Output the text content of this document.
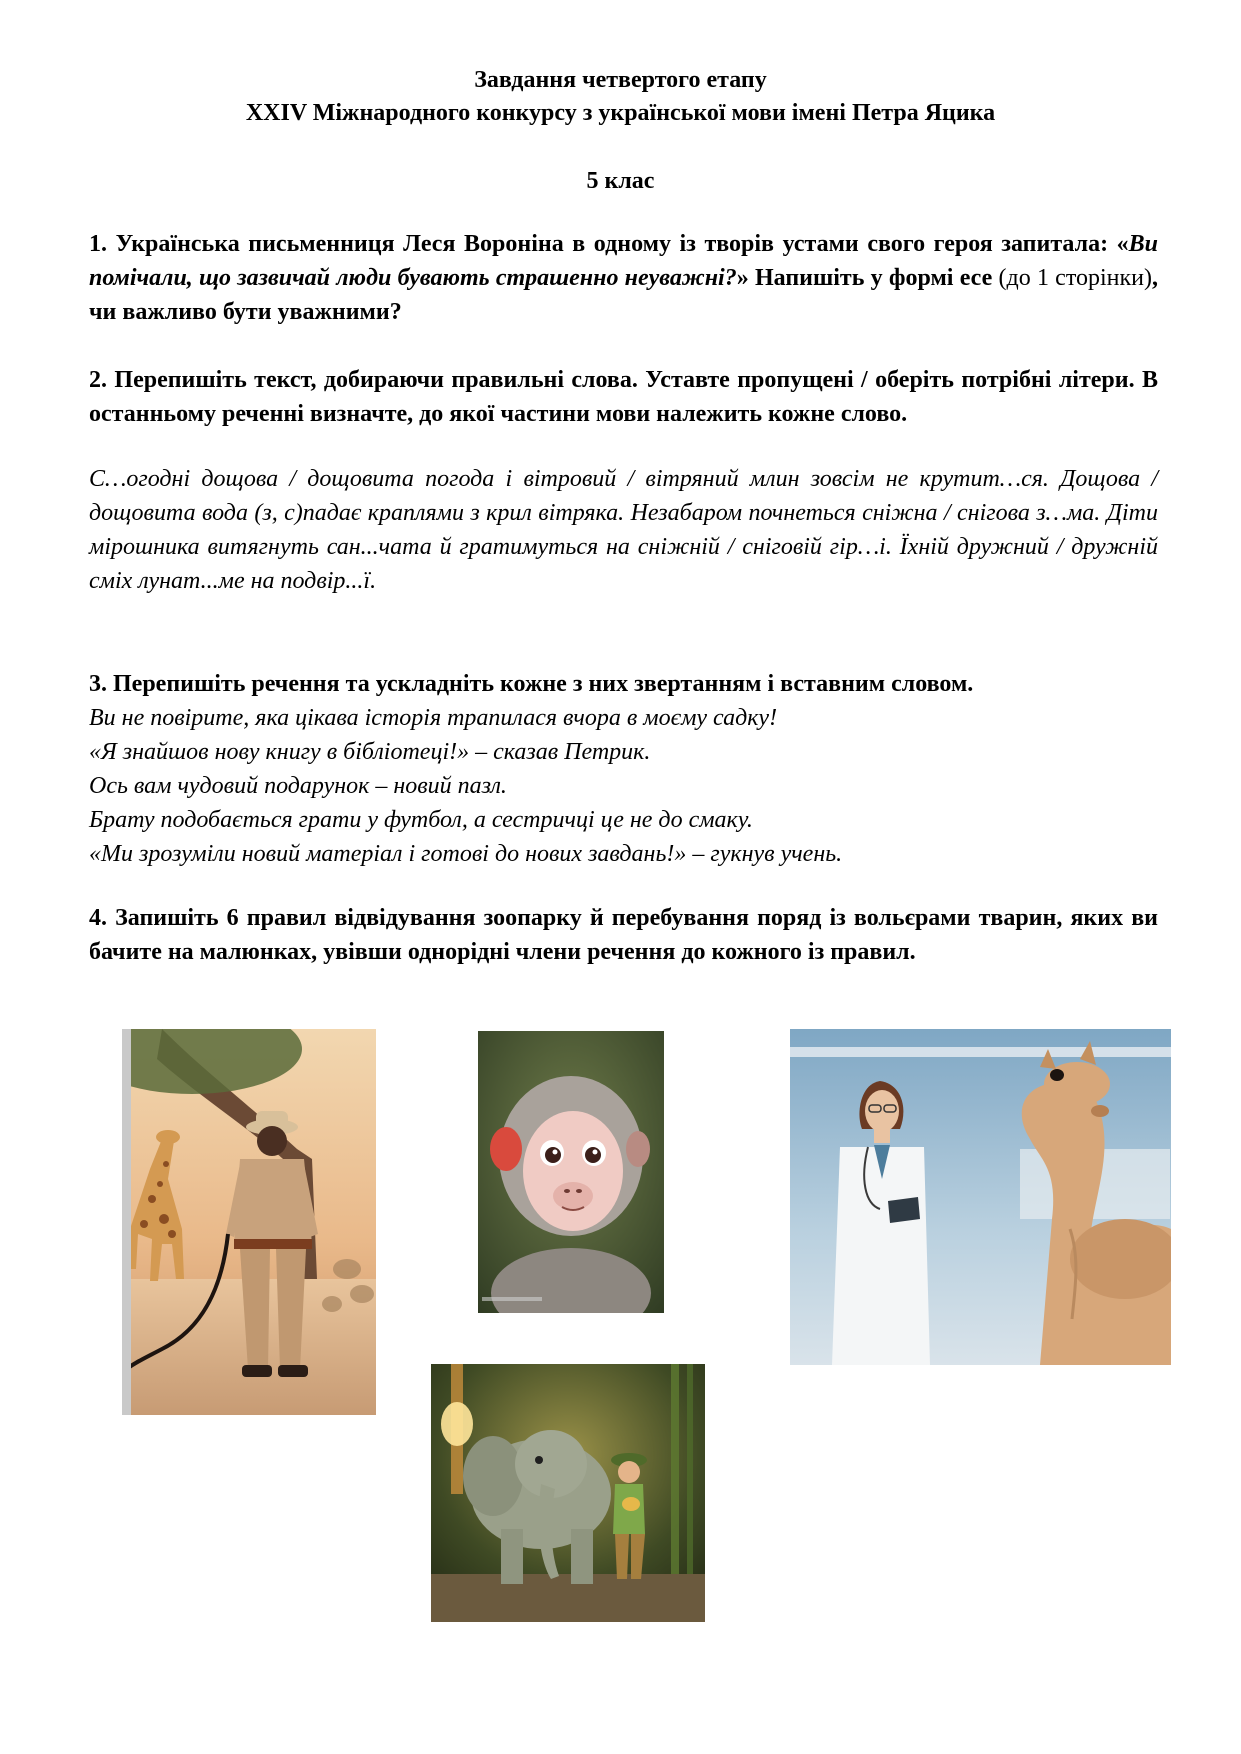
Завдання четвертого етапу
XXIV Міжнародного конкурсу з української мови імені Петра Яцика
5 клас
1. Українська письменниця Леся Вороніна в одному із творів устами свого героя запитала: «Ви помічали, що зазвичай люди бувають страшенно неуважні?» Напишіть у формі есе (до 1 сторінки), чи важливо бути уважними?
2. Перепишіть текст, добираючи правильні слова. Уставте пропущені / оберіть потрібні літери. В останньому реченні визначте, до якої частини мови належить кожне слово.
С…огодні дощова / дощовита погода і вітровий / вітряний млин зовсім не крутит…ся. Дощова / дощовита вода (з, с)падає краплями з крил вітряка. Незабаром почнеться сніжна / снігова з…ма. Діти мірошника витягнуть сан...чата й гратимуться на сніжній / сніговій гір…і. Їхній дружний / дружній сміх лунат...ме на подвір...ї.
3. Перепишіть речення та ускладніть кожне з них звертанням і вставним словом.
Ви не повірите, яка цікава історія трапилася вчора в моєму садку!
«Я знайшов нову книгу в бібліотеці!» – сказав Петрик.
Ось вам чудовий подарунок – новий пазл.
Брату подобається грати у футбол, а сестричці це не до смаку.
«Ми зрозуміли новий матеріал і готові до нових завдань!» – гукнув учень.
4. Запишіть 6 правил відвідування зоопарку й перебування поряд із вольєрами тварин, яких ви бачите на малюнках, увівши однорідні члени речення до кожного із правил.
